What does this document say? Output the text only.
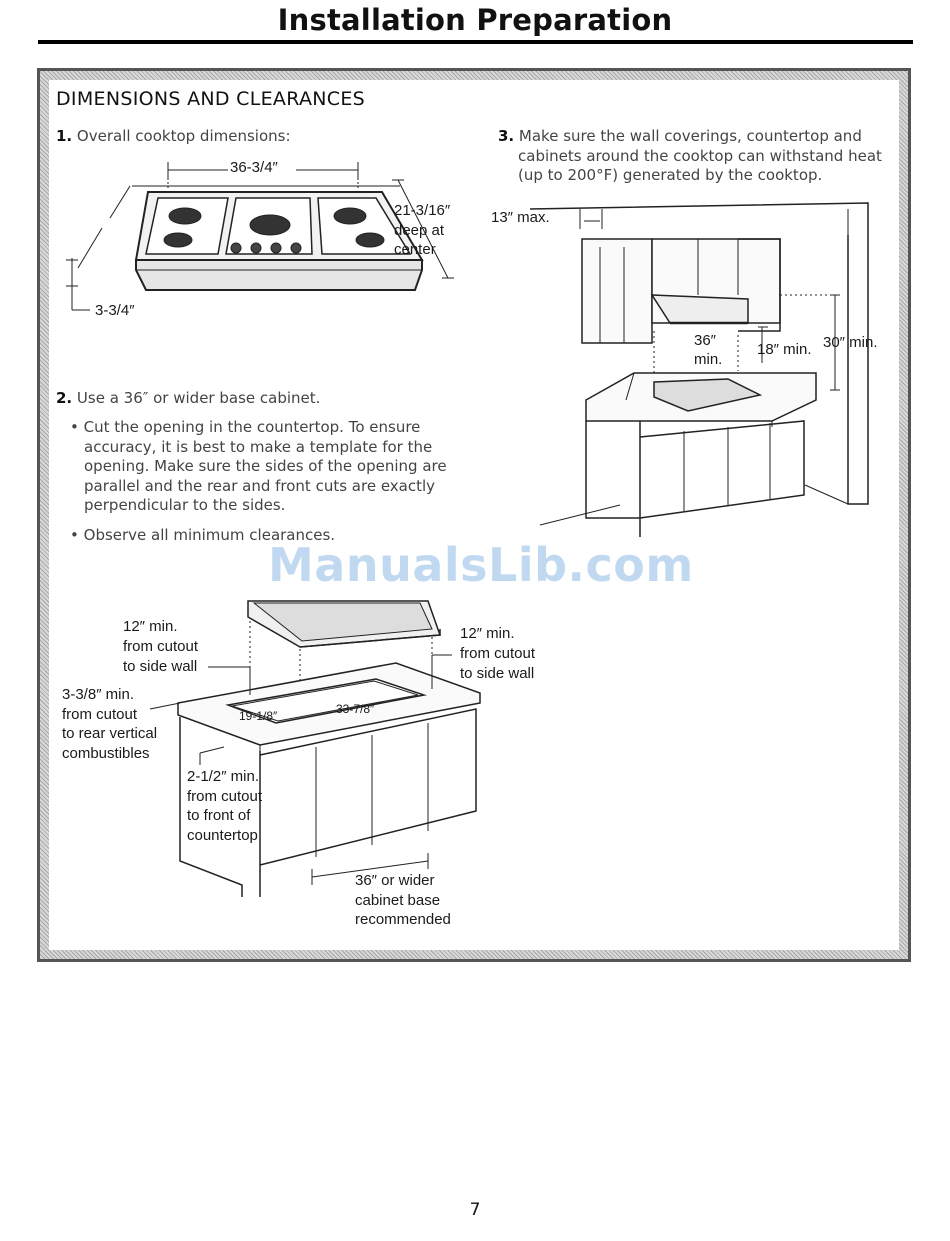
Installation Preparation
DIMENSIONS AND CLEARANCES
1. Overall cooktop dimensions:	3. Make sure the wall coverings, countertop and
cabinets around the cooktop can withstand heat
(up to 200°F) generated by the cooktop.
2. Use a 36″ or wider base cabinet.
• Cut the opening in the countertop. To ensure
accuracy, it is best to make a template for the
opening. Make sure the sides of the opening are
parallel and the rear and front cuts are exactly
perpendicular to the sides.
• Observe all minimum clearances.
36-3/4″
21-3/16″
deep at
center
3-3/4″
13″ max.
36″
min.
18″ min. 30″ min.
12″ min.
from cutout
to side wall
12″ min.
from cutout
to side wall
3-3/8″ min.
from cutout
to rear vertical
combustibles
19-1/8″	33-7/8″
2-1/2″ min.
from cutout
to front of
countertop
36″ or wider
cabinet base
recommended
ManualsLib.com
7
